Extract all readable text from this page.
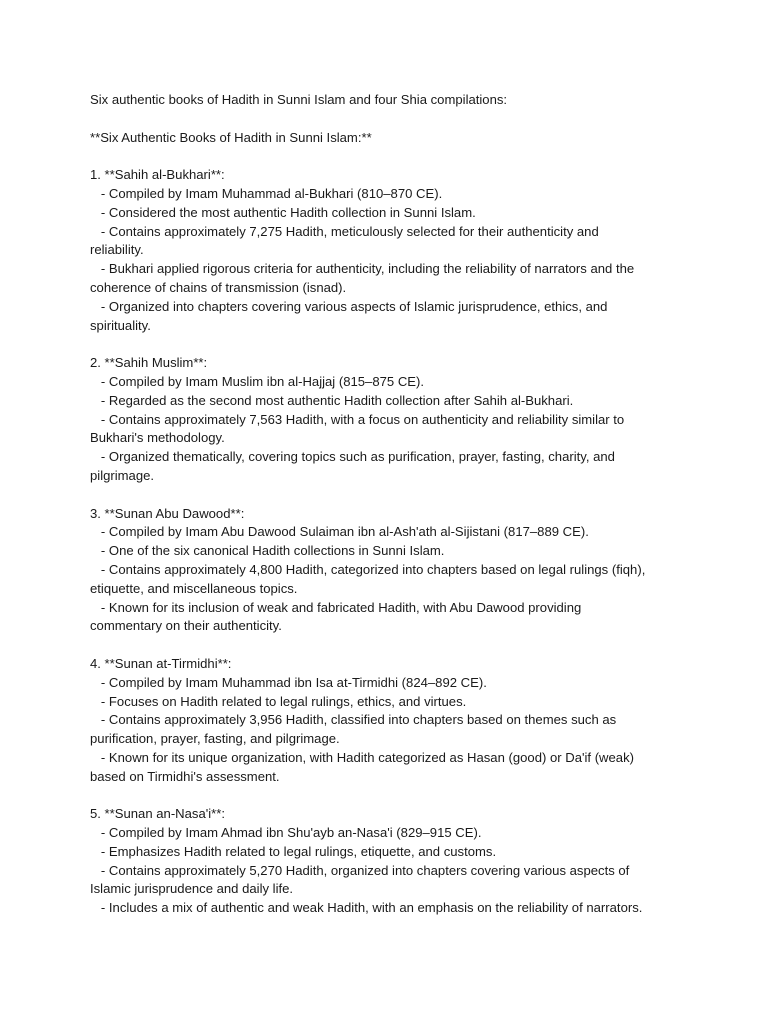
Six authentic books of Hadith in Sunni Islam and four Shia compilations:

**Six Authentic Books of Hadith in Sunni Islam:**

1. **Sahih al-Bukhari**:

- Compiled by Imam Muhammad al-Bukhari (810–870 CE).

- Considered the most authentic Hadith collection in Sunni Islam.

- Contains approximately 7,275 Hadith, meticulously selected for their authenticity and

reliability.

- Bukhari applied rigorous criteria for authenticity, including the reliability of narrators and the

coherence of chains of transmission (isnad).

- Organized into chapters covering various aspects of Islamic jurisprudence, ethics, and

spirituality.

2. **Sahih Muslim**:

- Compiled by Imam Muslim ibn al-Hajjaj (815–875 CE).

- Regarded as the second most authentic Hadith collection after Sahih al-Bukhari.

- Contains approximately 7,563 Hadith, with a focus on authenticity and reliability similar to

Bukhari's methodology.

- Organized thematically, covering topics such as purification, prayer, fasting, charity, and

pilgrimage.

3. **Sunan Abu Dawood**:

- Compiled by Imam Abu Dawood Sulaiman ibn al-Ash'ath al-Sijistani (817–889 CE).

- One of the six canonical Hadith collections in Sunni Islam.

- Contains approximately 4,800 Hadith, categorized into chapters based on legal rulings (fiqh),

etiquette, and miscellaneous topics.

- Known for its inclusion of weak and fabricated Hadith, with Abu Dawood providing

commentary on their authenticity.

4. **Sunan at-Tirmidhi**:

- Compiled by Imam Muhammad ibn Isa at-Tirmidhi (824–892 CE).

- Focuses on Hadith related to legal rulings, ethics, and virtues.

- Contains approximately 3,956 Hadith, classified into chapters based on themes such as

purification, prayer, fasting, and pilgrimage.

- Known for its unique organization, with Hadith categorized as Hasan (good) or Da'if (weak)

based on Tirmidhi's assessment.

5. **Sunan an-Nasa'i**:

- Compiled by Imam Ahmad ibn Shu'ayb an-Nasa'i (829–915 CE).

- Emphasizes Hadith related to legal rulings, etiquette, and customs.

- Contains approximately 5,270 Hadith, organized into chapters covering various aspects of

Islamic jurisprudence and daily life.

- Includes a mix of authentic and weak Hadith, with an emphasis on the reliability of narrators.
